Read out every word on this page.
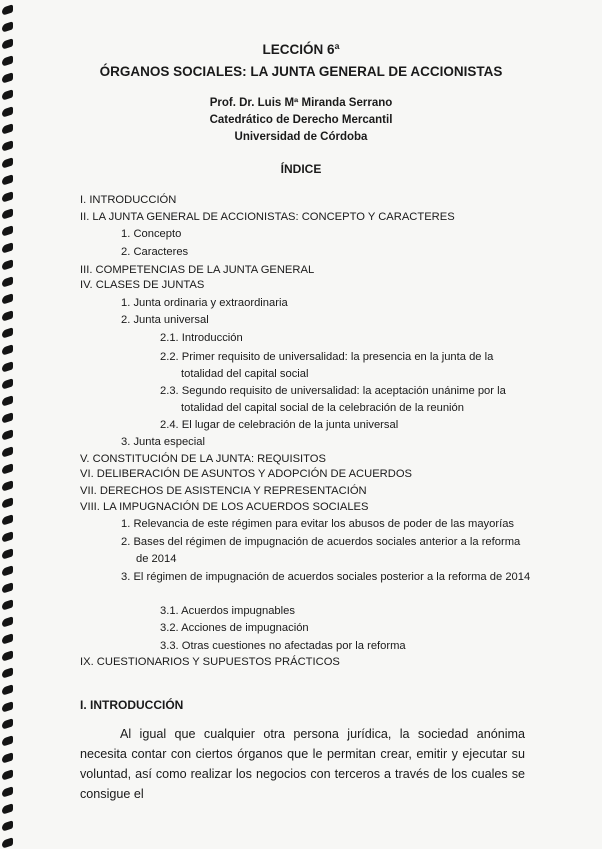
LECCIÓN 6ª
ÓRGANOS SOCIALES: LA JUNTA GENERAL DE ACCIONISTAS
Prof. Dr. Luis Mª Miranda Serrano
Catedrático de Derecho Mercantil
Universidad de Córdoba
ÍNDICE
I. INTRODUCCIÓN
II. LA JUNTA GENERAL DE ACCIONISTAS: CONCEPTO Y CARACTERES
1. Concepto
2. Caracteres
III. COMPETENCIAS DE LA JUNTA GENERAL
IV. CLASES DE JUNTAS
1. Junta ordinaria y extraordinaria
2. Junta universal
2.1. Introducción
2.2. Primer requisito de universalidad: la presencia en la junta de la totalidad del capital social
2.3. Segundo requisito de universalidad: la aceptación unánime por la totalidad del capital social de la celebración de la reunión
2.4. El lugar de celebración de la junta universal
3. Junta especial
V. CONSTITUCIÓN DE LA JUNTA: REQUISITOS
VI. DELIBERACIÓN DE ASUNTOS Y ADOPCIÓN DE ACUERDOS
VII. DERECHOS DE ASISTENCIA Y REPRESENTACIÓN
VIII. LA IMPUGNACIÓN DE LOS ACUERDOS SOCIALES
1. Relevancia de este régimen para evitar los abusos de poder de las mayorías
2. Bases del régimen de impugnación de acuerdos sociales anterior a la reforma de 2014
3. El régimen de impugnación de acuerdos sociales posterior a la reforma de 2014
3.1. Acuerdos impugnables
3.2. Acciones de impugnación
3.3. Otras cuestiones no afectadas por la reforma
IX. CUESTIONARIOS Y SUPUESTOS PRÁCTICOS
I. INTRODUCCIÓN

Al igual que cualquier otra persona jurídica, la sociedad anónima necesita contar con ciertos órganos que le permitan crear, emitir y ejecutar su voluntad, así como realizar los negocios con terceros a través de los cuales se consigue el
